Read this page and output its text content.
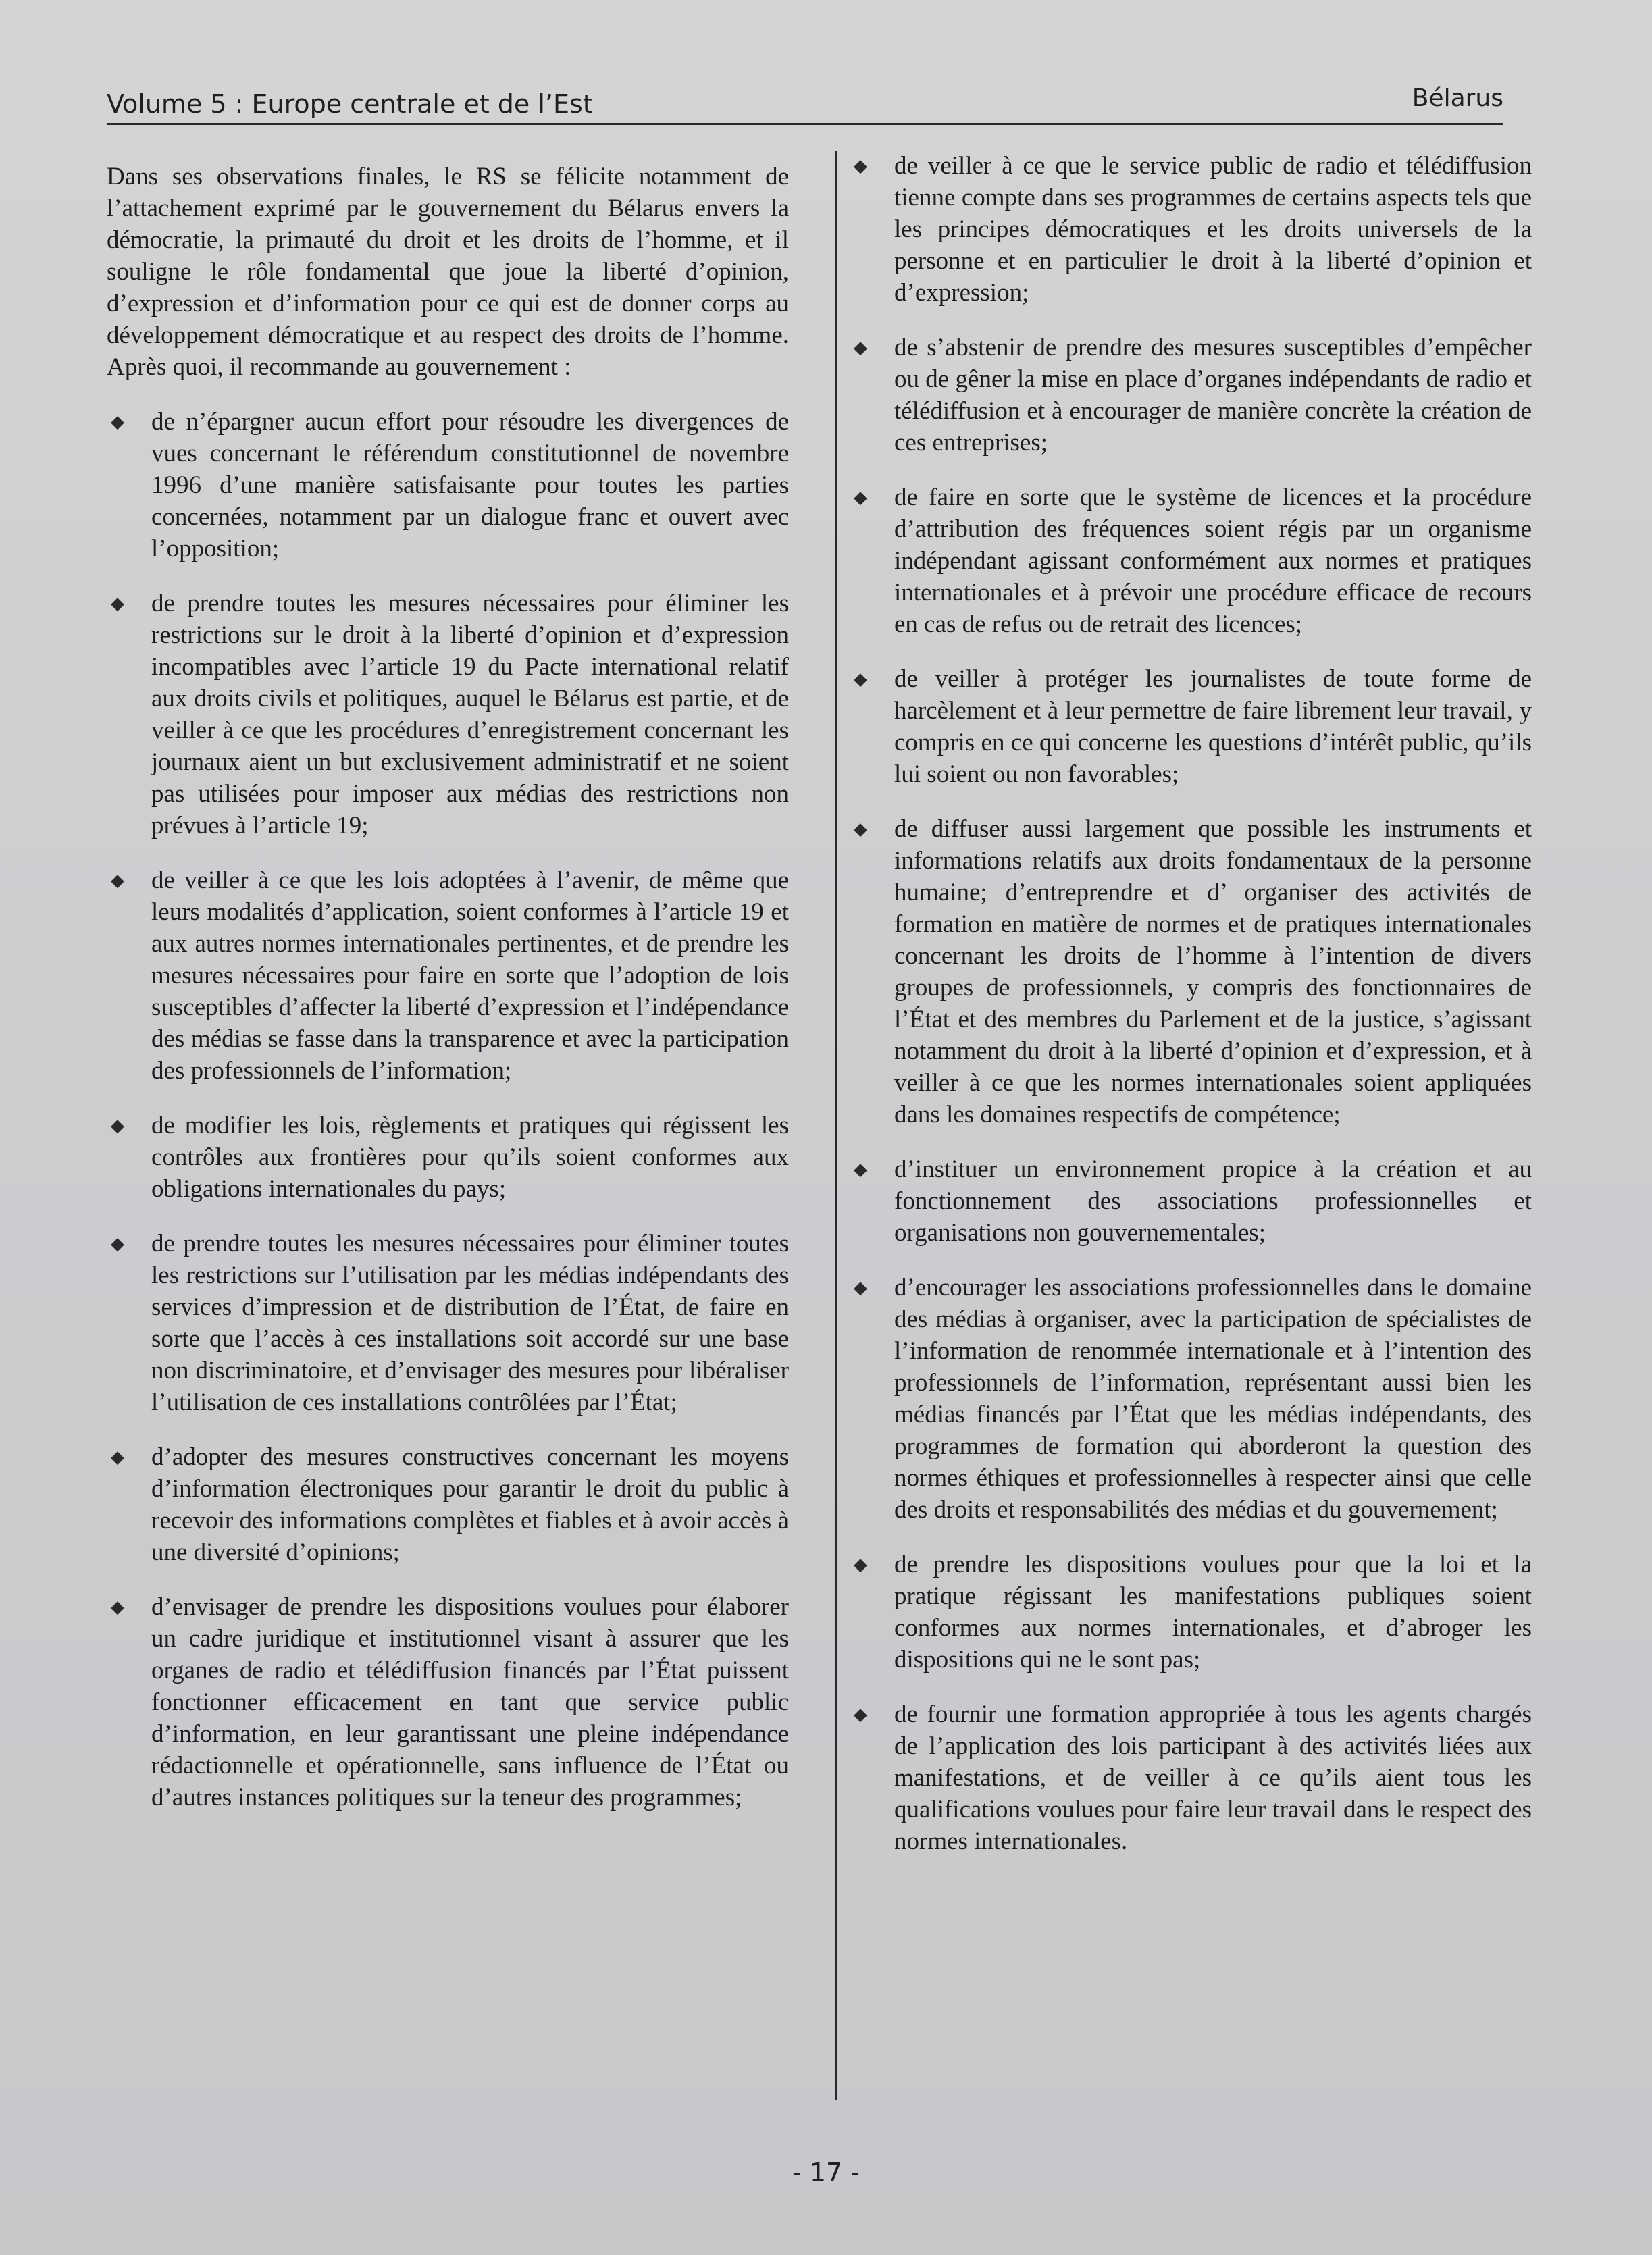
Volume 5 : Europe centrale et de l’Est	Bélarus

Dans ses observations finales, le RS se félicite notamment de l’attachement exprimé par le gouvernement du Bélarus envers la démocratie, la primauté du droit et les droits de l’homme, et il souligne le rôle fondamental que joue la liberté d’opinion, d’expression et d’information pour ce qui est de donner corps au développement démocratique et au respect des droits de l’homme. Après quoi, il recommande au gouvernement :

◆ de n’épargner aucun effort pour résoudre les divergences de vues concernant le référendum constitutionnel de novembre 1996 d’une manière satisfaisante pour toutes les parties concernées, notamment par un dialogue franc et ouvert avec l’opposition;
◆ de prendre toutes les mesures nécessaires pour éliminer les restrictions sur le droit à la liberté d’opinion et d’expression incompatibles avec l’article 19 du Pacte international relatif aux droits civils et politiques, auquel le Bélarus est partie, et de veiller à ce que les procédures d’enregistrement concernant les journaux aient un but exclusivement administratif et ne soient pas utilisées pour imposer aux médias des restrictions non prévues à l’article 19;
◆ de veiller à ce que les lois adoptées à l’avenir, de même que leurs modalités d’application, soient conformes à l’article 19 et aux autres normes internationales pertinentes, et de prendre les mesures nécessaires pour faire en sorte que l’adoption de lois susceptibles d’affecter la liberté d’expression et l’indépendance des médias se fasse dans la transparence et avec la participation des professionnels de l’information;
◆ de modifier les lois, règlements et pratiques qui régissent les contrôles aux frontières pour qu’ils soient conformes aux obligations internationales du pays;
◆ de prendre toutes les mesures nécessaires pour éliminer toutes les restrictions sur l’utilisation par les médias indépendants des services d’impression et de distribution de l’État, de faire en sorte que l’accès à ces installations soit accordé sur une base non discriminatoire, et d’envisager des mesures pour libéraliser l’utilisation de ces installations contrôlées par l’État;
◆ d’adopter des mesures constructives concernant les moyens d’information électroniques pour garantir le droit du public à recevoir des informations complètes et fiables et à avoir accès à une diversité d’opinions;
◆ d’envisager de prendre les dispositions voulues pour élaborer un cadre juridique et institutionnel visant à assurer que les organes de radio et télédiffusion financés par l’État puissent fonctionner efficacement en tant que service public d’information, en leur garantissant une pleine indépendance rédactionnelle et opérationnelle, sans influence de l’État ou d’autres instances politiques sur la teneur des programmes;
◆ de veiller à ce que le service public de radio et télédiffusion tienne compte dans ses programmes de certains aspects tels que les principes démocratiques et les droits universels de la personne et en particulier le droit à la liberté d’opinion et d’expression;
◆ de s’abstenir de prendre des mesures susceptibles d’empêcher ou de gêner la mise en place d’organes indépendants de radio et télédiffusion et à encourager de manière concrète la création de ces entreprises;
◆ de faire en sorte que le système de licences et la procédure d’attribution des fréquences soient régis par un organisme indépendant agissant conformément aux normes et pratiques internationales et à prévoir une procédure efficace de recours en cas de refus ou de retrait des licences;
◆ de veiller à protéger les journalistes de toute forme de harcèlement et à leur permettre de faire librement leur travail, y compris en ce qui concerne les questions d’intérêt public, qu’ils lui soient ou non favorables;
◆ de diffuser aussi largement que possible les instruments et informations relatifs aux droits fondamentaux de la personne humaine; d’entreprendre et d’ organiser des activités de formation en matière de normes et de pratiques internationales concernant les droits de l’homme à l’intention de divers groupes de professionnels, y compris des fonctionnaires de l’État et des membres du Parlement et de la justice, s’agissant notamment du droit à la liberté d’opinion et d’expression, et à veiller à ce que les normes internationales soient appliquées dans les domaines respectifs de compétence;
◆ d’instituer un environnement propice à la création et au fonctionnement des associations professionnelles et organisations non gouvernementales;
◆ d’encourager les associations professionnelles dans le domaine des médias à organiser, avec la participation de spécialistes de l’information de renommée internationale et à l’intention des professionnels de l’information, représentant aussi bien les médias financés par l’État que les médias indépendants, des programmes de formation qui aborderont la question des normes éthiques et professionnelles à respecter ainsi que celle des droits et responsabilités des médias et du gouvernement;
◆ de prendre les dispositions voulues pour que la loi et la pratique régissant les manifestations publiques soient conformes aux normes internationales, et d’abroger les dispositions qui ne le sont pas;
◆ de fournir une formation appropriée à tous les agents chargés de l’application des lois participant à des activités liées aux manifestations, et de veiller à ce qu’ils aient tous les qualifications voulues pour faire leur travail dans le respect des normes internationales.
- 17 -
